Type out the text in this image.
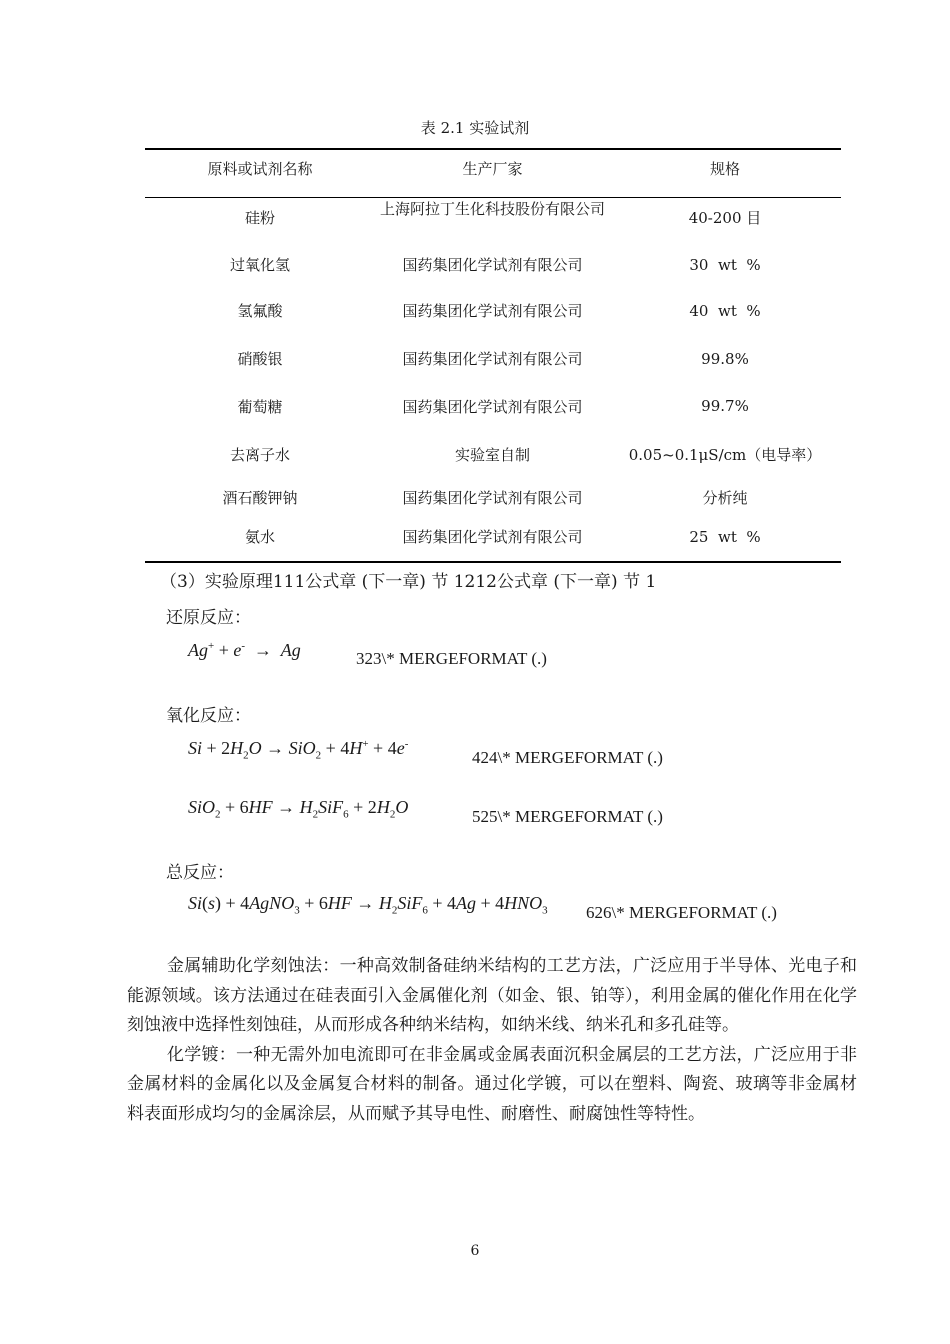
表 2.1 实验试剂
原料或试剂名称	生产厂家	规格
硅粉	上海阿拉丁生化科技股份有限公司	40-200 目
过氧化氢	国药集团化学试剂有限公司	30  wt  %
氢氟酸	国药集团化学试剂有限公司	40  wt  %
硝酸银	国药集团化学试剂有限公司	99.8%
葡萄糖	国药集团化学试剂有限公司	99.7%
去离子水	实验室自制	0.05~0.1μS/cm（电导率）
酒石酸钾钠	国药集团化学试剂有限公司	分析纯
氨水	国药集团化学试剂有限公司	25  wt  %
（3）实验原理111公式章 (下一章) 节 1212公式章 (下一章) 节 1
还原反应：
Ag+ + e-  →  Ag	323\* MERGEFORMAT (.)
氧化反应：
$Si + 2H_2O \to SiO_2 + 4H^+ + 4e^-$
424\* MERGEFORMAT (.)
$SiO_2 + 6HF \to H_2SiF_6 + 2H_2O$	525\* MERGEFORMAT (.)
总反应：
Si(s) + 4AgNO$_3$ + $6HF \to H_2SiF_6 + 4Ag + 4HNO_3$ 626\* MERGEFORMAT (.)

金属辅助化学刻蚀法：一种高效制备硅纳米结构的工艺方法，广泛应用于半导体、光电子和能源领域。该方法通过在硅表面引入金属催化剂（如金、银、铂等），利用金属的催化作用在化学刻蚀液中选择性刻蚀硅，从而形成各种纳米结构，如纳米线、纳米孔和多孔硅等。

化学镀：一种无需外加电流即可在非金属或金属表面沉积金属层的工艺方法，广泛应用于非金属材料的金属化以及金属复合材料的制备。通过化学镀，可以在塑料、陶瓷、玻璃等非金属材料表面形成均匀的金属涂层，从而赋予其导电性、耐磨性、耐腐蚀性等特性。

6
